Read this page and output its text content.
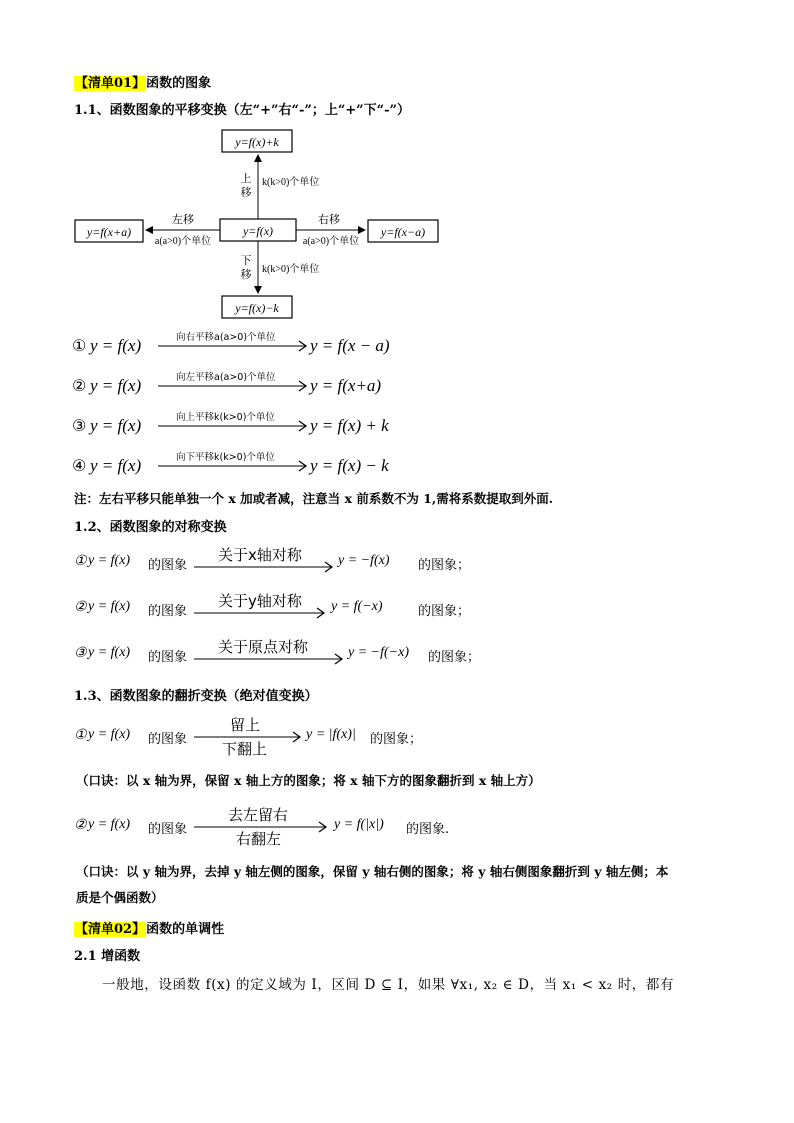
【清单01】函数的图象
1.1、函数图象的平移变换（左“+”右“-”；上“+”下“-”）
y=f(x)+k
y=f(x)
y=f(x)−k
y=f(x+a)	y=f(x−a)
上
移
k(k>0)个单位
下
移 k(k>0)个单位
左移
a(a>0)个单位
右移
a(a>0)个单位
① y = f(x)	向右平移a(a>0)个单位 y = f(x − a)
② y = f(x)	向左平移a(a>0)个单位 y = f(x+a)
③ y = f(x)	向上平移k(k>0)个单位 y = f(x) + k
④ y = f(x)	向下平移k(k>0)个单位 y = f(x) − k
注：左右平移只能单独一个 x 加或者减，注意当 x 前系数不为 1,需将系数提取到外面.
1.2、函数图象的对称变换
① y = f(x) 的图象
关于x轴对称	y = −f(x) 的图象；
② y = f(x) 的图象
关于y轴对称 y = f(−x)	的图象；
③ y = f(x) 的图象
关于原点对称	y = −f(−x) 的图象；
1.3、函数图象的翻折变换（绝对值变换）
① y = f(x) 的图象
留上
下翻上
y = |f(x)| 的图象；
（口诀：以 x 轴为界，保留 x 轴上方的图象；将 x 轴下方的图象翻折到 x 轴上方）
② y = f(x) 的图象
去左留右
右翻左
y = f(|x|) 的图象.
（口诀：以 y 轴为界，去掉 y 轴左侧的图象，保留 y 轴右侧的图象；将 y 轴右侧图象翻折到 y 轴左侧；本
质是个偶函数）
【清单02】函数的单调性
2.1 增函数
一般地，设函数 f(x) 的定义域为 I，区间 D ⊆ I，如果 ∀x₁, x₂ ∈ D，当 x₁ < x₂ 时，都有
